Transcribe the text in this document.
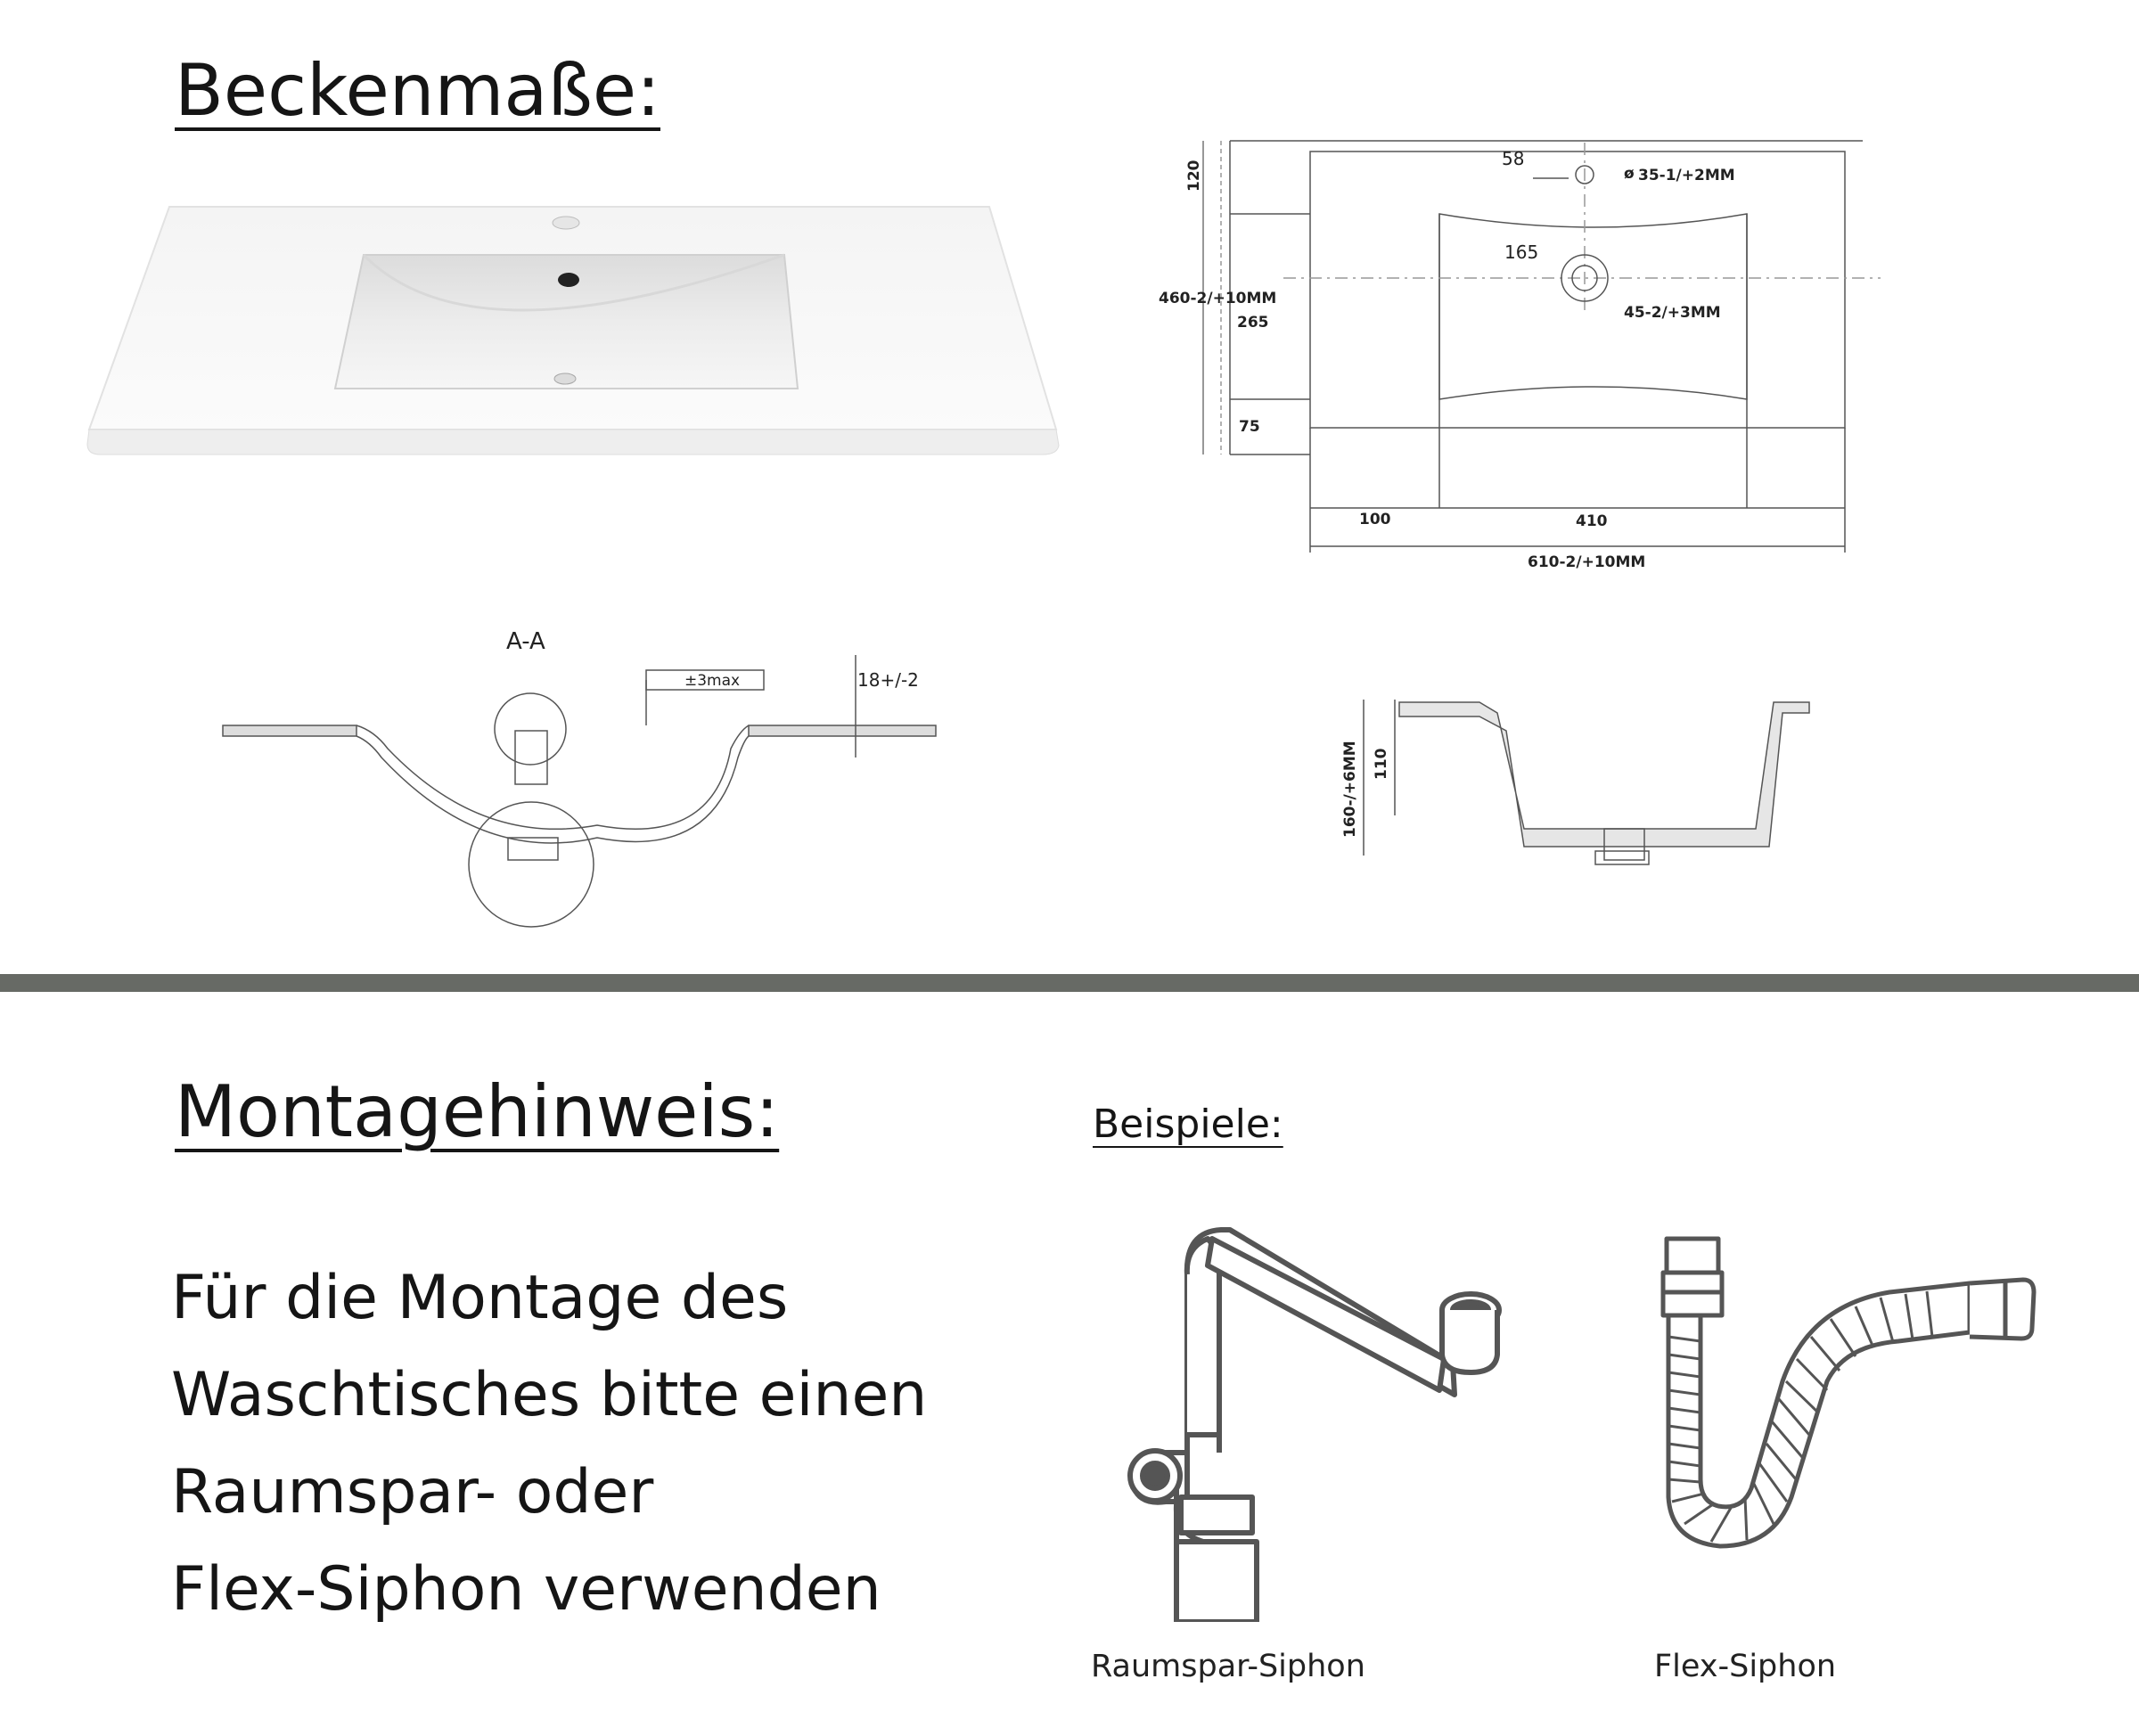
Beckenmaße:
120
58
ø 35-1/+2MM
165
45-2/+3MM
460-2/+10MM
265
75
100	410
610-2/+10MM
A-A
±3max	18+/-2
160-/+6MM 110
Montagehinweis:	Beispiele:
Für die Montage des
Waschtisches bitte einen
Raumspar- oder
Flex-Siphon verwenden
Raumspar-Siphon	Flex-Siphon
